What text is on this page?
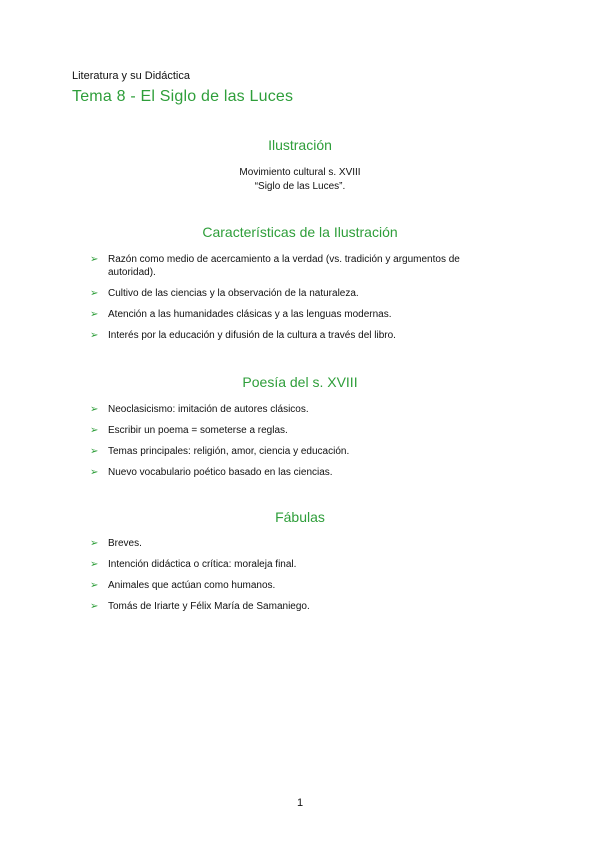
Literatura y su Didáctica
Tema 8 - El Siglo de las Luces
Ilustración
Movimiento cultural s. XVIII
“Siglo de las Luces”.
Características de la Ilustración
➢ Razón como medio de acercamiento a la verdad (vs. tradición y argumentos de autoridad).
➢ Cultivo de las ciencias y la observación de la naturaleza.
➢ Atención a las humanidades clásicas y a las lenguas modernas.
➢ Interés por la educación y difusión de la cultura a través del libro.
Poesía del s. XVIII
➢ Neoclasicismo: imitación de autores clásicos.
➢ Escribir un poema = someterse a reglas.
➢ Temas principales: religión, amor, ciencia y educación.
➢ Nuevo vocabulario poético basado en las ciencias.
Fábulas
➢ Breves.
➢ Intención didáctica o crítica: moraleja final.
➢ Animales que actúan como humanos.
➢ Tomás de Iriarte y Félix María de Samaniego.
1
